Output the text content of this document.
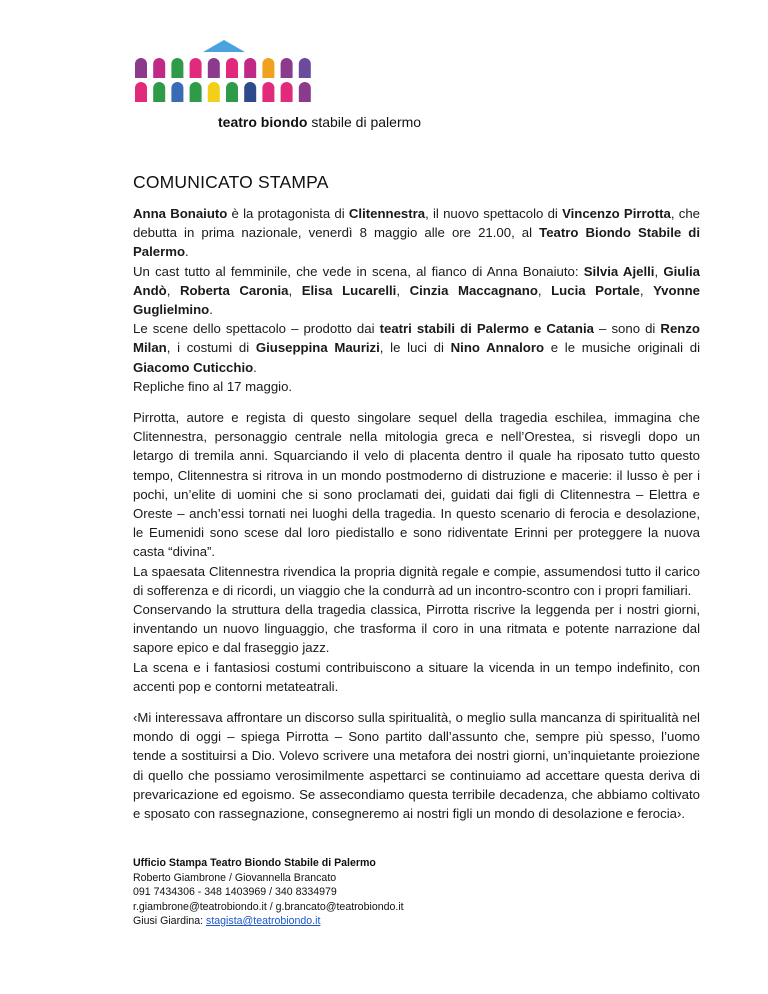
teatro biondo stabile di palermo
COMUNICATO STAMPA

Anna Bonaiuto è la protagonista di Clitennestra, il nuovo spettacolo di Vincenzo Pirrotta, che debutta in prima nazionale, venerdì 8 maggio alle ore 21.00, al Teatro Biondo Stabile di Palermo.
Un cast tutto al femminile, che vede in scena, al fianco di Anna Bonaiuto: Silvia Ajelli, Giulia Andò, Roberta Caronia, Elisa Lucarelli, Cinzia Maccagnano, Lucia Portale, Yvonne Guglielmino.
Le scene dello spettacolo – prodotto dai teatri stabili di Palermo e Catania – sono di Renzo Milan, i costumi di Giuseppina Maurizi, le luci di Nino Annaloro e le musiche originali di Giacomo Cuticchio.
Repliche fino al 17 maggio.

Pirrotta, autore e regista di questo singolare sequel della tragedia eschilea, immagina che Clitennestra, personaggio centrale nella mitologia greca e nell’Orestea, si risvegli dopo un letargo di tremila anni. Squarciando il velo di placenta dentro il quale ha riposato tutto questo tempo, Clitennestra si ritrova in un mondo postmoderno di distruzione e macerie: il lusso è per i pochi, un’elite di uomini che si sono proclamati dei, guidati dai figli di Clitennestra – Elettra e Oreste – anch’essi tornati nei luoghi della tragedia. In questo scenario di ferocia e desolazione, le Eumenidi sono scese dal loro piedistallo e sono ridiventate Erinni per proteggere la nuova casta “divina”.
La spaesata Clitennestra rivendica la propria dignità regale e compie, assumendosi tutto il carico di sofferenza e di ricordi, un viaggio che la condurrà ad un incontro-scontro con i propri familiari.
Conservando la struttura della tragedia classica, Pirrotta riscrive la leggenda per i nostri giorni, inventando un nuovo linguaggio, che trasforma il coro in una ritmata e potente narrazione dal sapore epico e dal fraseggio jazz.
La scena e i fantasiosi costumi contribuiscono a situare la vicenda in un tempo indefinito, con accenti pop e contorni metateatrali.

‹Mi interessava affrontare un discorso sulla spiritualità, o meglio sulla mancanza di spiritualità nel mondo di oggi – spiega Pirrotta – Sono partito dall’assunto che, sempre più spesso, l’uomo tende a sostituirsi a Dio. Volevo scrivere una metafora dei nostri giorni, un’inquietante proiezione di quello che possiamo verosimilmente aspettarci se continuiamo ad accettare questa deriva di prevaricazione ed egoismo. Se assecondiamo questa terribile decadenza, che abbiamo coltivato e sposato con rassegnazione, consegneremo ai nostri figli un mondo di desolazione e ferocia›.

Ufficio Stampa Teatro Biondo Stabile di Palermo
Roberto Giambrone / Giovannella Brancato
091 7434306 - 348 1403969 / 340 8334979
r.giambrone@teatrobiondo.it / g.brancato@teatrobiondo.it
Giusi Giardina: stagista@teatrobiondo.it
